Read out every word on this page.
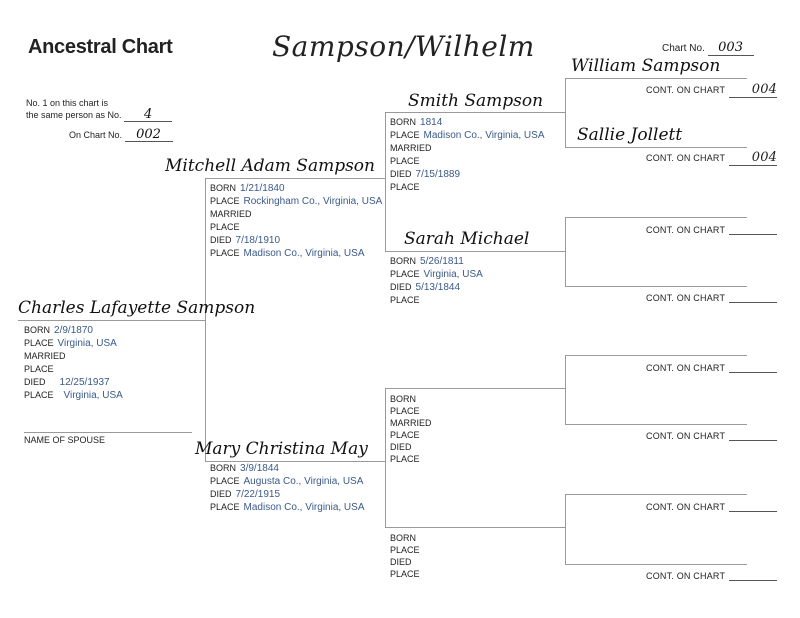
Ancestral Chart	Sampson/Wilhelm	Chart No. 003
No. 1 on this chart is
the same person as No. 4
On Chart No. 002
Charles Lafayette Sampson
BORN 2/9/1870
PLACE Virginia, USA
MARRIED
PLACE
DIED 12/25/1937
PLACE Virginia, USA
NAME OF SPOUSE
Mitchell Adam Sampson
BORN 1/21/1840
PLACE Rockingham Co., Virginia, USA
MARRIED
PLACE
DIED 7/18/1910
PLACE Madison Co., Virginia, USA
Mary Christina May
BORN 3/9/1844
PLACE Augusta Co., Virginia, USA
DIED 7/22/1915
PLACE Madison Co., Virginia, USA
Smith Sampson
BORN 1814
PLACE Madison Co., Virginia, USA
MARRIED
PLACE
DIED 7/15/1889
PLACE
Sarah Michael
BORN 5/26/1811
PLACE Virginia, USA
DIED 5/13/1844
PLACE
BORN
PLACE
MARRIED
PLACE
DIED
PLACE
BORN
PLACE
DIED
PLACE
William Sampson
CONT. ON CHART 004
Sallie Jollett
CONT. ON CHART 004
CONT. ON CHART
CONT. ON CHART
CONT. ON CHART
CONT. ON CHART
CONT. ON CHART
CONT. ON CHART
